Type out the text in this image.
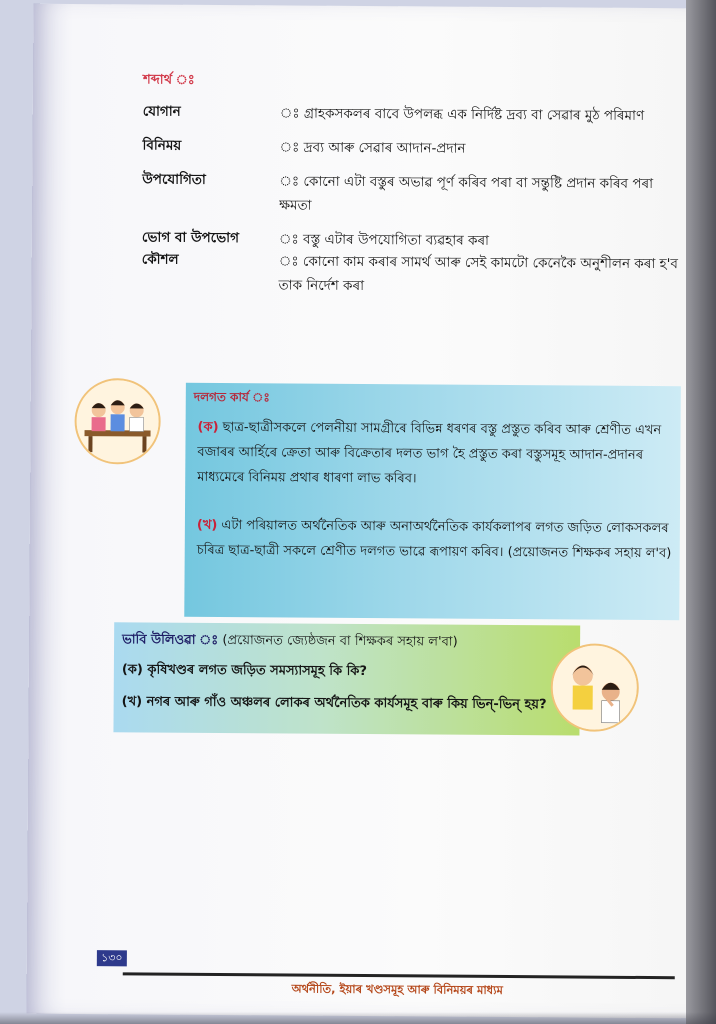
শব্দাৰ্থ ঃ
যোগান	ঃ গ্ৰাহকসকলৰ বাবে উপলব্ধ এক নিৰ্দিষ্ট দ্ৰব্য বা সেৱাৰ মুঠ পৰিমাণ
বিনিময়	ঃ দ্ৰব্য আৰু সেৱাৰ আদান-প্ৰদান
উপযোগিতা	ঃ কোনো এটা বস্তুৰ অভাৱ পূৰ্ণ কৰিব পৰা বা সন্তুষ্টি প্ৰদান কৰিব পৰা ক্ষমতা
ভোগ বা উপভোগ	ঃ বস্তু এটাৰ উপযোগিতা ব্যৱহাৰ কৰা
কৌশল	ঃ কোনো কাম কৰাৰ সামৰ্থ আৰু সেই কামটো কেনেকৈ অনুশীলন কৰা হ'ব তাক নিৰ্দেশ কৰা
দলগত কাৰ্য ঃ
(ক) ছাত্ৰ-ছাত্ৰীসকলে পেলনীয়া সামগ্ৰীৰে বিভিন্ন ধৰণৰ বস্তু প্ৰস্তুত কৰিব আৰু শ্ৰেণীত এখন বজাৰৰ আৰ্হিৰে ক্ৰেতা আৰু বিক্ৰেতাৰ দলত ভাগ হৈ প্ৰস্তুত কৰা বস্তুসমূহ আদান-প্ৰদানৰ মাধ্যমেৰে বিনিময় প্ৰথাৰ ধাৰণা লাভ কৰিব।
(খ) এটা পৰিয়ালত অৰ্থনৈতিক আৰু অনাঅৰ্থনৈতিক কাৰ্যকলাপৰ লগত জড়িত লোকসকলৰ চৰিত্ৰ ছাত্ৰ-ছাত্ৰী সকলে শ্ৰেণীত দলগত ভাৱে ৰূপায়ণ কৰিব। (প্ৰয়োজনত শিক্ষকৰ সহায় ল'ব)
ভাবি উলিওৱা ঃ (প্ৰয়োজনত জ্যেষ্ঠজন বা শিক্ষকৰ সহায় ল'বা)
(ক) কৃষিখণ্ডৰ লগত জড়িত সমস্যাসমূহ কি কি?
(খ) নগৰ আৰু গাঁও অঞ্চলৰ লোকৰ অৰ্থনৈতিক কাৰ্যসমূহ বাৰু কিয় ভিন্-ভিন্ হয়?
১৩০
অৰ্থনীতি, ইয়াৰ খণ্ডসমূহ আৰু বিনিময়ৰ মাধ্যম
